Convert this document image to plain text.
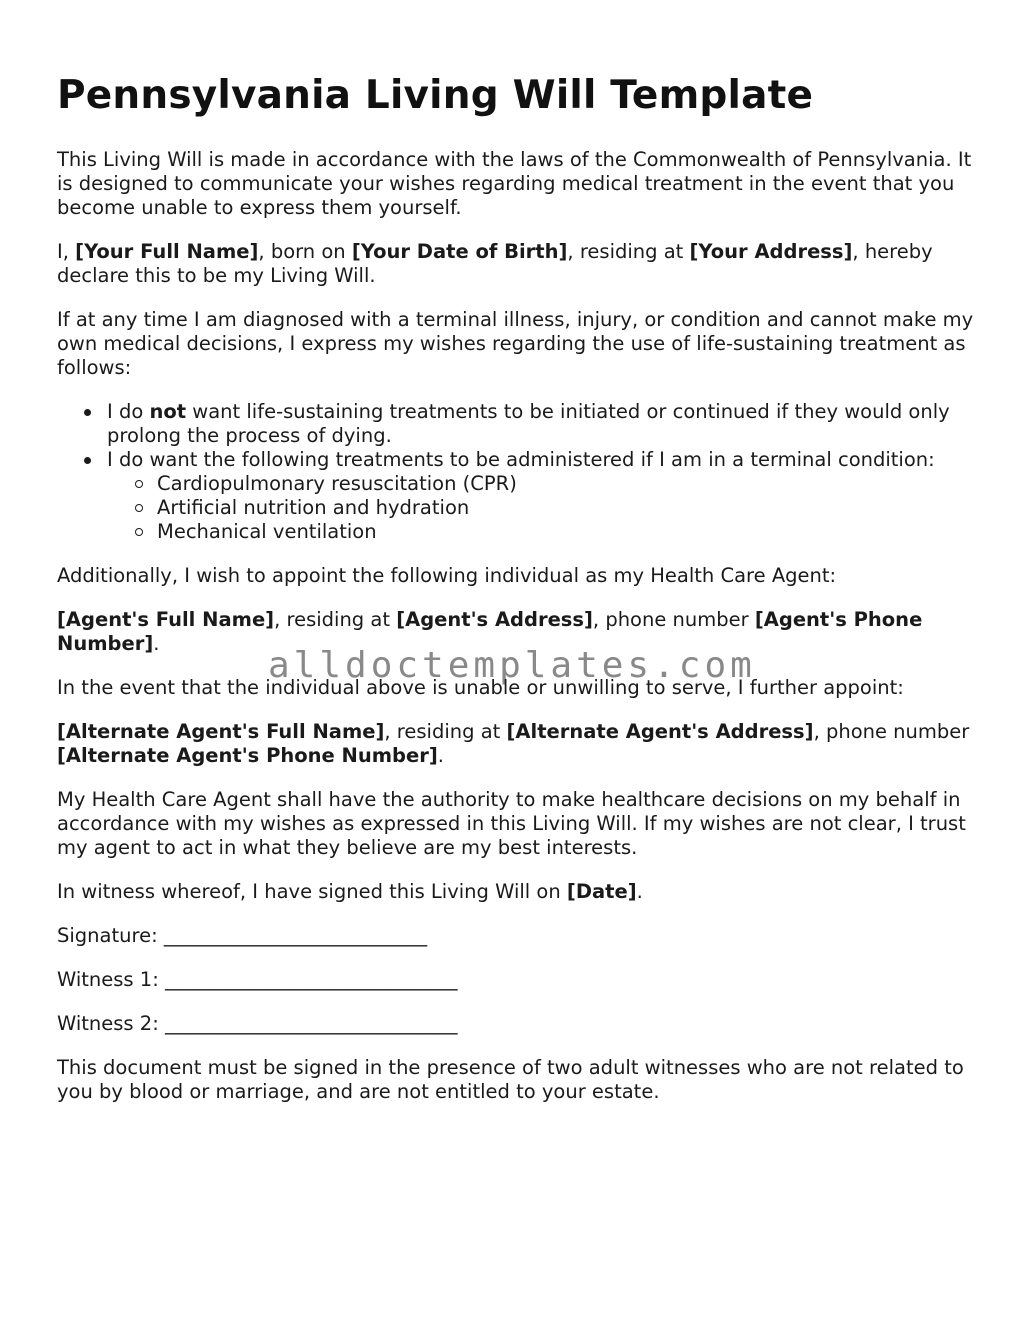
Pennsylvania Living Will Template

This Living Will is made in accordance with the laws of the Commonwealth of Pennsylvania. It is designed to communicate your wishes regarding medical treatment in the event that you become unable to express them yourself.

I, [Your Full Name], born on [Your Date of Birth], residing at [Your Address], hereby declare this to be my Living Will.

If at any time I am diagnosed with a terminal illness, injury, or condition and cannot make my own medical decisions, I express my wishes regarding the use of life-sustaining treatment as follows:

I do not want life-sustaining treatments to be initiated or continued if they would only prolong the process of dying.
I do want the following treatments to be administered if I am in a terminal condition:
Cardiopulmonary resuscitation (CPR)
Artificial nutrition and hydration
Mechanical ventilation

Additionally, I wish to appoint the following individual as my Health Care Agent:

[Agent's Full Name], residing at [Agent's Address], phone number [Agent's Phone Number].

In the event that the individual above is unable or unwilling to serve, I further appoint:

[Alternate Agent's Full Name], residing at [Alternate Agent's Address], phone number [Alternate Agent's Phone Number].

My Health Care Agent shall have the authority to make healthcare decisions on my behalf in accordance with my wishes as expressed in this Living Will. If my wishes are not clear, I trust my agent to act in what they believe are my best interests.

In witness whereof, I have signed this Living Will on [Date].

Signature: ___________________________

Witness 1: ______________________________

Witness 2: ______________________________

This document must be signed in the presence of two adult witnesses who are not related to you by blood or marriage, and are not entitled to your estate.

alldoctemplates.com
